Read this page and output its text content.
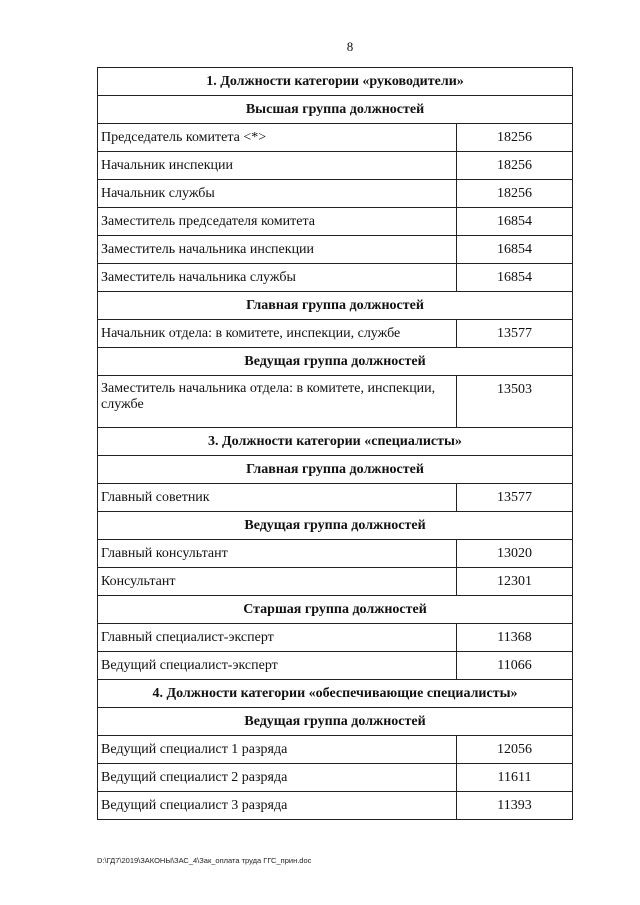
8
1. Должности категории «руководители»	
Высшая группа должностей	
Председатель комитета <*>	18256
Начальник инспекции	18256
Начальник службы	18256
Заместитель председателя комитета	16854
Заместитель начальника инспекции	16854
Заместитель начальника службы	16854
Главная группа должностей	
Начальник отдела: в комитете, инспекции, службе	13577
Ведущая группа должностей	
Заместитель начальника отдела: в комитете, инспекции, службе	13503
3. Должности категории «специалисты»	
Главная группа должностей	
Главный советник	13577
Ведущая группа должностей	
Главный консультант	13020
Консультант	12301
Старшая группа должностей	
Главный специалист-эксперт	11368
Ведущий специалист-эксперт	11066
4. Должности категории «обеспечивающие специалисты»	
Ведущая группа должностей	
Ведущий специалист 1 разряда	12056
Ведущий специалист 2 разряда	11611
Ведущий специалист 3 разряда	11393
D:\ГД7\2019\ЗАКОНЫ\ЗАС_4\Зак_оплата труда ГГС_прин.doc
